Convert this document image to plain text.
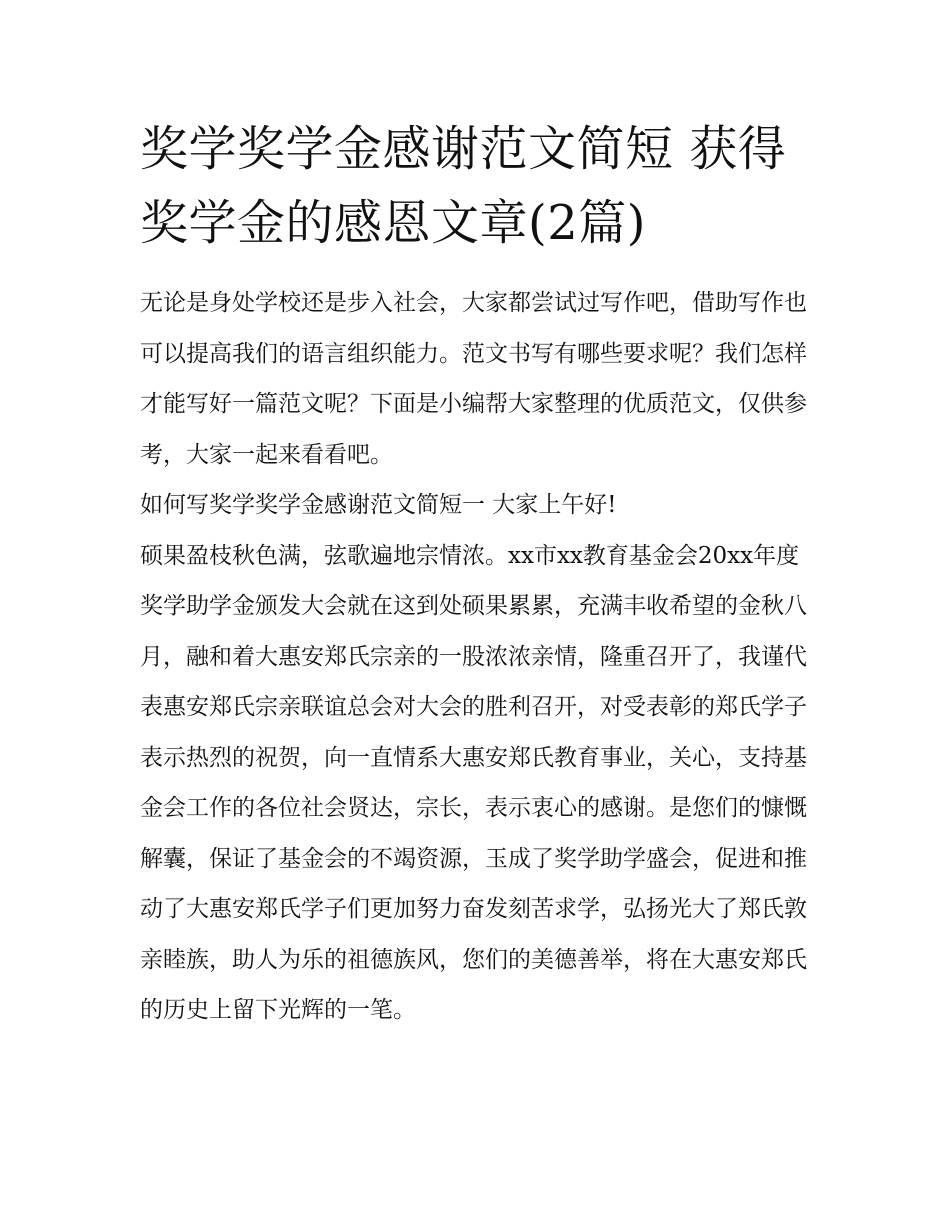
奖学奖学金感谢范文简短 获得
奖学金的感恩文章(2篇)

无论是身处学校还是步入社会，大家都尝试过写作吧，借助写作也可以提高我们的语言组织能力。范文书写有哪些要求呢？我们怎样才能写好一篇范文呢？下面是小编帮大家整理的优质范文，仅供参考，大家一起来看看吧。

如何写奖学奖学金感谢范文简短一 大家上午好!

硕果盈枝秋色满，弦歌遍地宗情浓。xx市xx教育基金会20xx年度奖学助学金颁发大会就在这到处硕果累累，充满丰收希望的金秋八月，融和着大惠安郑氏宗亲的一股浓浓亲情，隆重召开了，我谨代表惠安郑氏宗亲联谊总会对大会的胜利召开，对受表彰的郑氏学子表示热烈的祝贺，向一直情系大惠安郑氏教育事业，关心，支持基金会工作的各位社会贤达，宗长，表示衷心的感谢。是您们的慷慨解囊，保证了基金会的不竭资源，玉成了奖学助学盛会，促进和推动了大惠安郑氏学子们更加努力奋发刻苦求学，弘扬光大了郑氏敦亲睦族，助人为乐的祖德族风，您们的美德善举，将在大惠安郑氏的历史上留下光辉的一笔。
